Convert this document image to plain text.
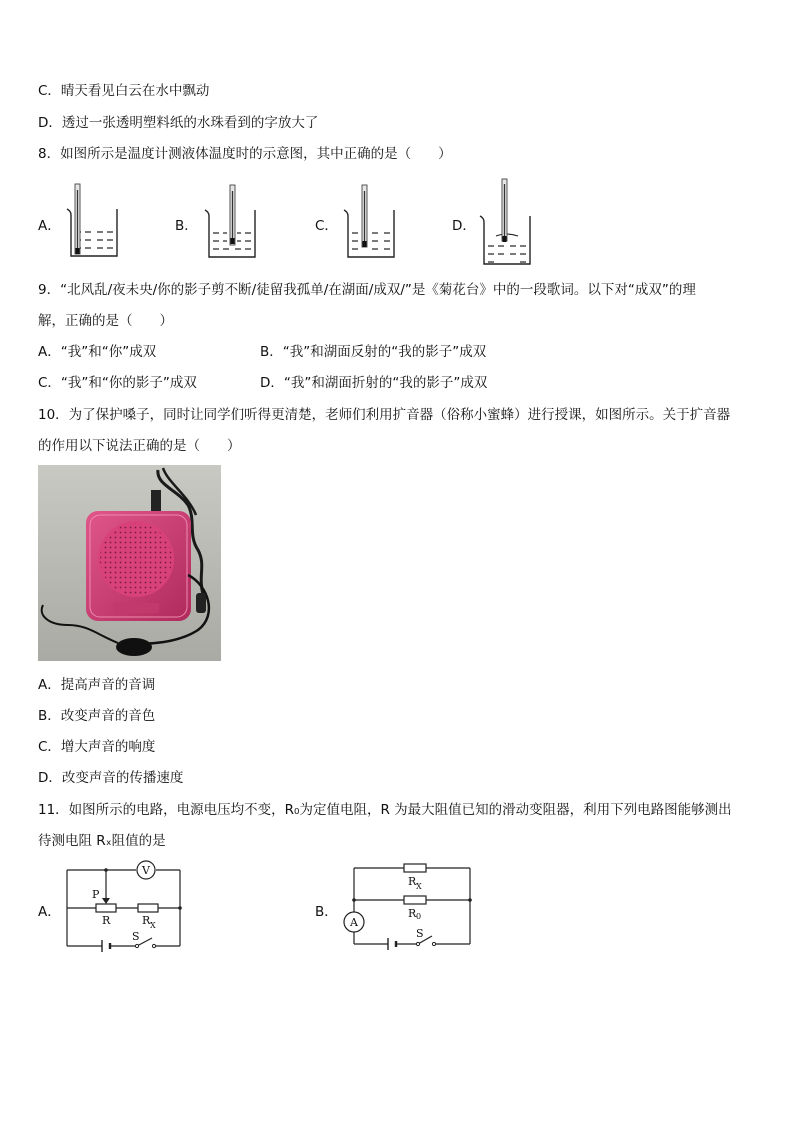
C．晴天看见白云在水中飘动
D．透过一张透明塑料纸的水珠看到的字放大了
8．如图所示是温度计测液体温度时的示意图，其中正确的是（　　）
A．	B．	C．	D．
9．“北风乱/夜未央/你的影子剪不断/徒留我孤单/在湖面/成双/”是《菊花台》中的一段歌词。以下对“成双”的理
解，正确的是（　　）
A．“我”和“你”成双	B．“我”和湖面反射的“我的影子”成双
C．“我”和“你的影子”成双	D．“我”和湖面折射的“我的影子”成双
10．为了保护嗓子，同时让同学们听得更清楚，老师们利用扩音器（俗称小蜜蜂）进行授课，如图所示。关于扩音器
的作用以下说法正确的是（　　）
A．提高声音的音调
B．改变声音的音色
C．增大声音的响度
D．改变声音的传播速度
11．如图所示的电路，电源电压均不变，R₀为定值电阻，R 为最大阻值已知的滑动变阻器，利用下列电路图能够测出
待测电阻 Rₓ阻值的是
A．	B．
V
P
R	R X
S
A
R X
R 0
S
